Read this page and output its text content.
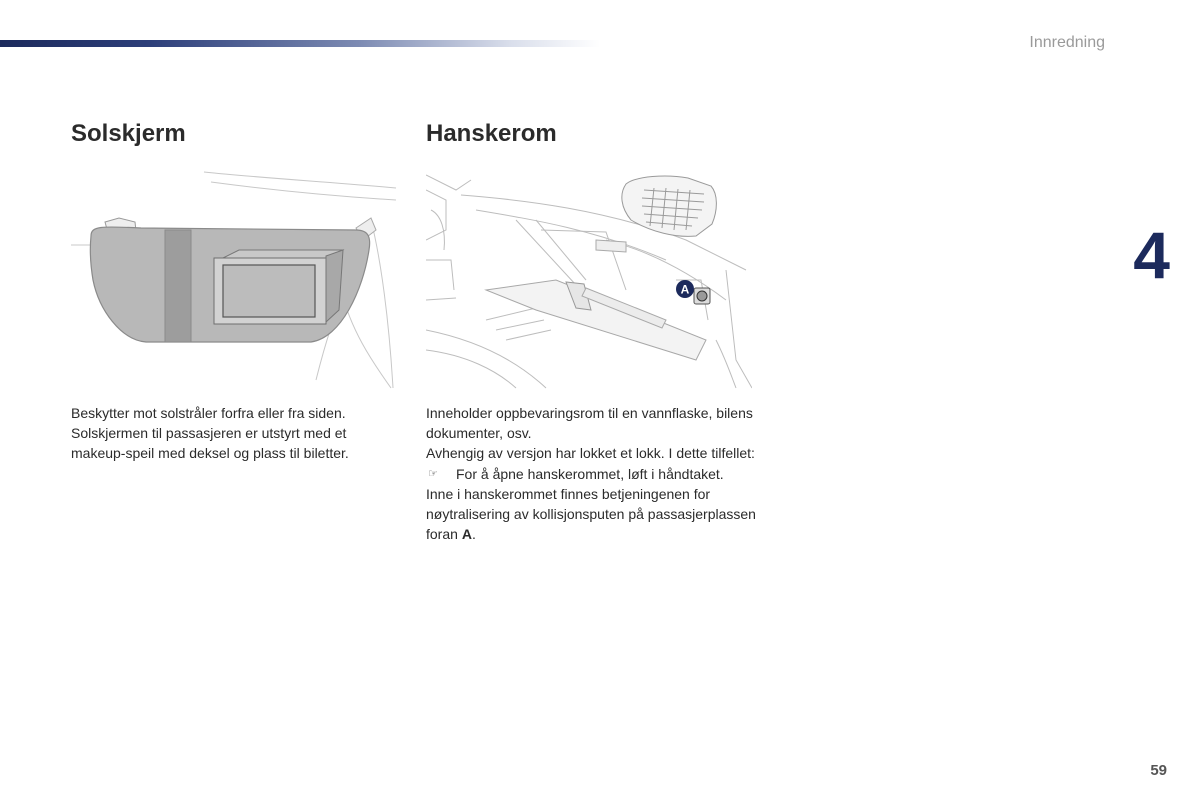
Innredning
4
Solskjerm

Beskytter mot solstråler forfra eller fra siden. Solskjermen til passasjeren er utstyrt med et makeup-speil med deksel og plass til biletter.

Hanskerom
A

Inneholder oppbevaringsrom til en vannflaske, bilens dokumenter, osv.

Avhengig av versjon har lokket et lokk. I dette tilfellet:

☞	For å åpne hanskerommet, løft i håndtaket.

Inne i hanskerommet finnes betjeningenen for nøytralisering av kollisjonsputen på passasjerplassen foran A.

59
